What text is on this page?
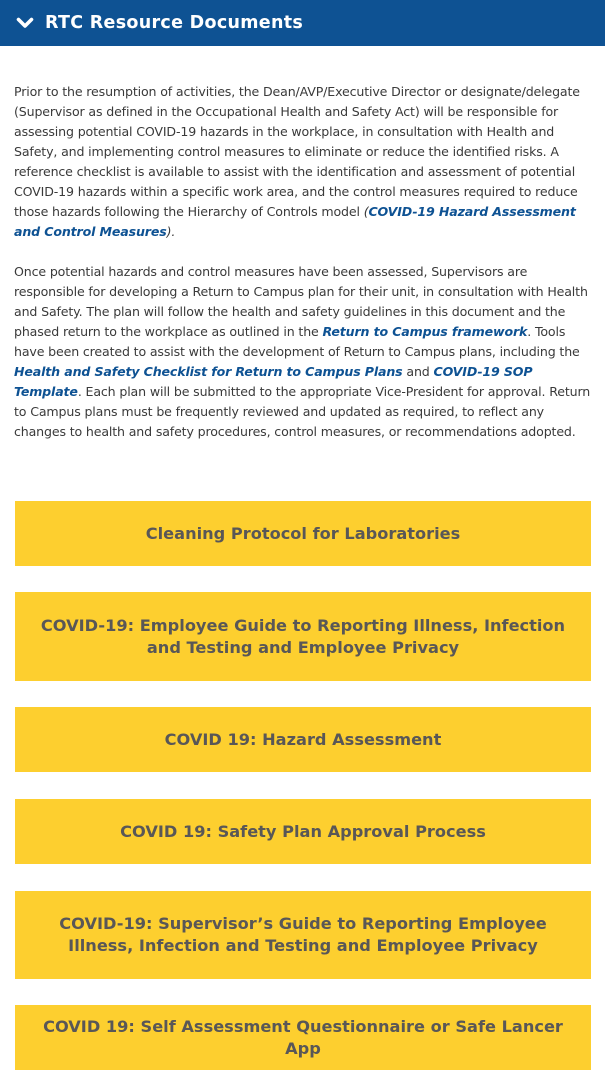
RTC Resource Documents

Prior to the resumption of activities, the Dean/AVP/Executive Director or designate/delegate (Supervisor as defined in the Occupational Health and Safety Act) will be responsible for assessing potential COVID-19 hazards in the workplace, in consultation with Health and Safety, and implementing control measures to eliminate or reduce the identified risks. A reference checklist is available to assist with the identification and assessment of potential COVID-19 hazards within a specific work area, and the control measures required to reduce those hazards following the Hierarchy of Controls model (COVID-19 Hazard Assessment and Control Measures).

Once potential hazards and control measures have been assessed, Supervisors are responsible for developing a Return to Campus plan for their unit, in consultation with Health and Safety. The plan will follow the health and safety guidelines in this document and the phased return to the workplace as outlined in the Return to Campus framework. Tools have been created to assist with the development of Return to Campus plans, including the Health and Safety Checklist for Return to Campus Plans and COVID-19 SOP Template. Each plan will be submitted to the appropriate Vice-President for approval. Return to Campus plans must be frequently reviewed and updated as required, to reflect any changes to health and safety procedures, control measures, or recommendations adopted.

Cleaning Protocol for Laboratories
COVID-19: Employee Guide to Reporting Illness, Infection and Testing and Employee Privacy
COVID 19: Hazard Assessment
COVID 19: Safety Plan Approval Process
COVID-19: Supervisor’s Guide to Reporting Employee Illness, Infection and Testing and Employee Privacy
COVID 19: Self Assessment Questionnaire or Safe Lancer App
